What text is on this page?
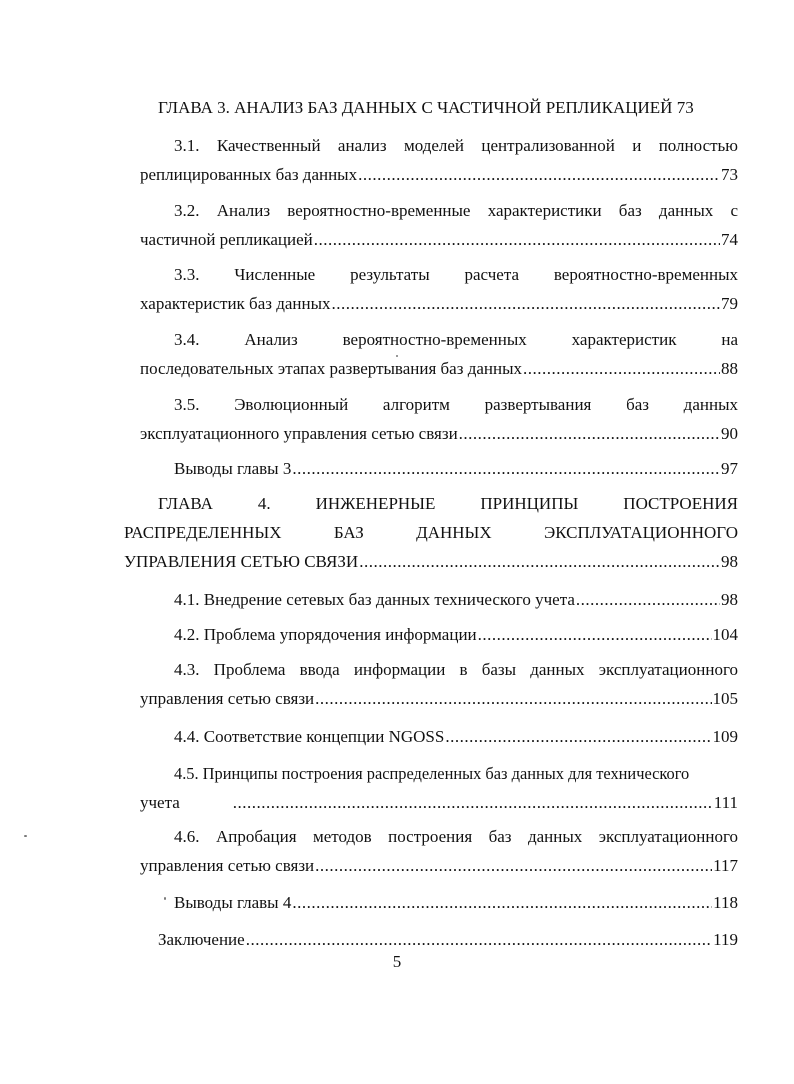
ГЛАВА 3. АНАЛИЗ БАЗ ДАННЫХ С ЧАСТИЧНОЙ РЕПЛИКАЦИЕЙ 73
3.1. Качественный анализ моделей централизованной и полностью
реплицированных баз данных .....	73
3.2. Анализ вероятностно-временные характеристики баз данных с
частичной репликацией .....	74
3.3. Численные результаты расчета вероятностно-временных
характеристик баз данных .....	79
3.4. Анализ вероятностно-временных характеристик на
последовательных этапах развертывания баз данных .....	88
3.5. Эволюционный алгоритм развертывания баз данных
эксплуатационного управления сетью связи .....	90
Выводы главы 3 .....	97
ГЛАВА 4. ИНЖЕНЕРНЫЕ ПРИНЦИПЫ ПОСТРОЕНИЯ
РАСПРЕДЕЛЕННЫХ БАЗ ДАННЫХ ЭКСПЛУАТАЦИОННОГО
УПРАВЛЕНИЯ СЕТЬЮ СВЯЗИ .....	98
4.1. Внедрение сетевых баз данных технического учета .....	98
4.2. Проблема упорядочения информации .....	104
4.3. Проблема ввода информации в базы данных эксплуатационного
управления сетью связи .....	105
4.4. Соответствие концепции NGOSS .....	109
4.5. Принципы построения распределенных баз данных для технического
учета .....	111
4.6. Апробация методов построения баз данных эксплуатационного
управления сетью связи .....	117
Выводы главы 4 .....	118
Заключение .....	119
5
